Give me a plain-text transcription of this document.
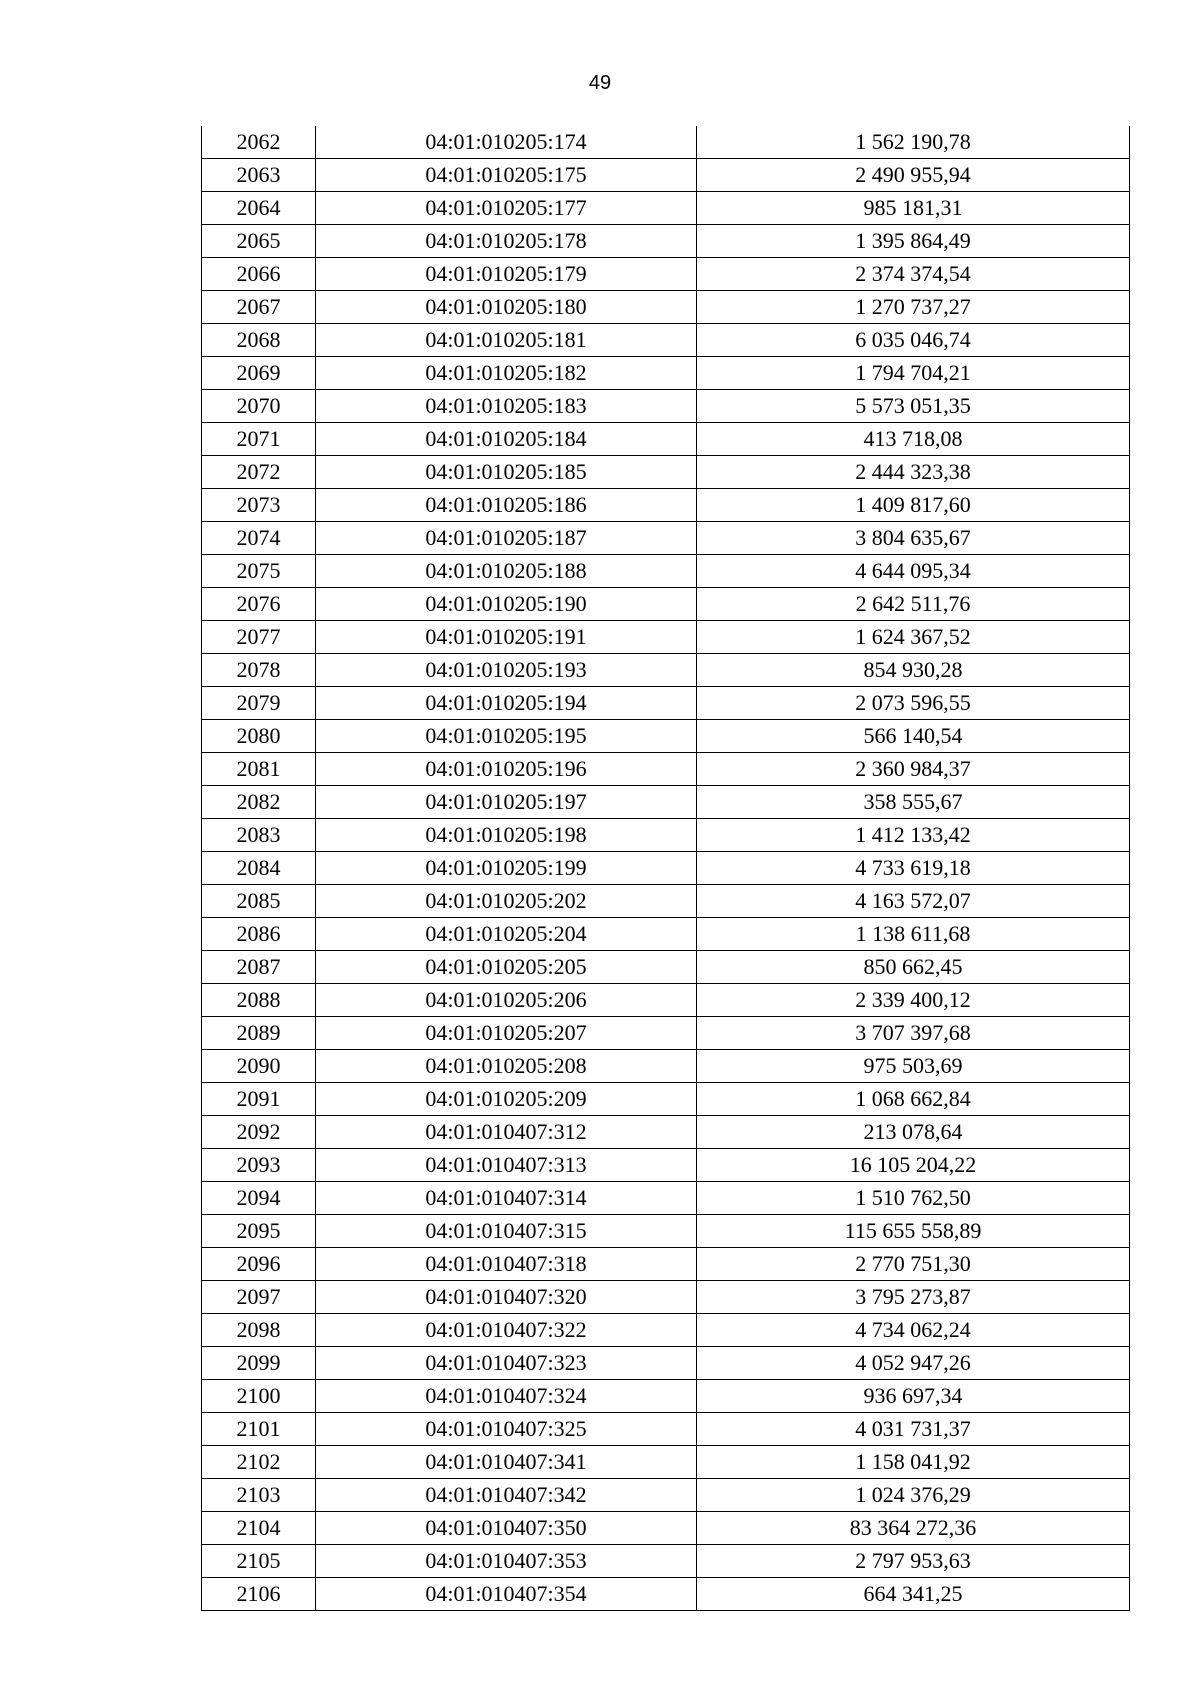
49
2062	04:01:010205:174	1 562 190,78
2063	04:01:010205:175	2 490 955,94
2064	04:01:010205:177	985 181,31
2065	04:01:010205:178	1 395 864,49
2066	04:01:010205:179	2 374 374,54
2067	04:01:010205:180	1 270 737,27
2068	04:01:010205:181	6 035 046,74
2069	04:01:010205:182	1 794 704,21
2070	04:01:010205:183	5 573 051,35
2071	04:01:010205:184	413 718,08
2072	04:01:010205:185	2 444 323,38
2073	04:01:010205:186	1 409 817,60
2074	04:01:010205:187	3 804 635,67
2075	04:01:010205:188	4 644 095,34
2076	04:01:010205:190	2 642 511,76
2077	04:01:010205:191	1 624 367,52
2078	04:01:010205:193	854 930,28
2079	04:01:010205:194	2 073 596,55
2080	04:01:010205:195	566 140,54
2081	04:01:010205:196	2 360 984,37
2082	04:01:010205:197	358 555,67
2083	04:01:010205:198	1 412 133,42
2084	04:01:010205:199	4 733 619,18
2085	04:01:010205:202	4 163 572,07
2086	04:01:010205:204	1 138 611,68
2087	04:01:010205:205	850 662,45
2088	04:01:010205:206	2 339 400,12
2089	04:01:010205:207	3 707 397,68
2090	04:01:010205:208	975 503,69
2091	04:01:010205:209	1 068 662,84
2092	04:01:010407:312	213 078,64
2093	04:01:010407:313	16 105 204,22
2094	04:01:010407:314	1 510 762,50
2095	04:01:010407:315	115 655 558,89
2096	04:01:010407:318	2 770 751,30
2097	04:01:010407:320	3 795 273,87
2098	04:01:010407:322	4 734 062,24
2099	04:01:010407:323	4 052 947,26
2100	04:01:010407:324	936 697,34
2101	04:01:010407:325	4 031 731,37
2102	04:01:010407:341	1 158 041,92
2103	04:01:010407:342	1 024 376,29
2104	04:01:010407:350	83 364 272,36
2105	04:01:010407:353	2 797 953,63
2106	04:01:010407:354	664 341,25
